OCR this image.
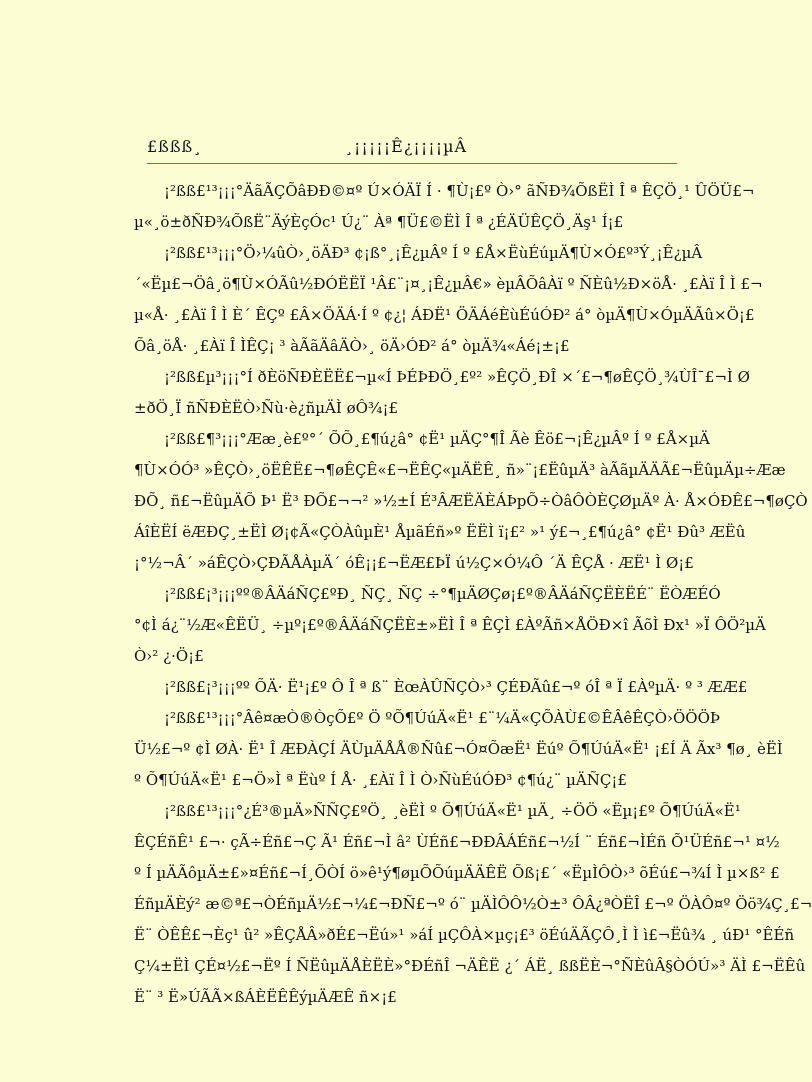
£ßßß¸	¸¡¡¡¡¡Ê¿¡¡¡¡µÂ
¡²ßß£¹³¡¡¡°ÄãÃÇÕâÐÐ©¤º Ú×ÓÄÏ Í · ¶Ù¡£º Ò›° ãÑÐ¾ÕßËÌ Î ª ÊÇÖ¸¹ ÛÖÜ£¬
µ«¸ö±ðÑÐ¾ÕßË¨ÄýÈçÓc¹ Ú¿¨ Àª ¶Ü£©ËÌ Î ª ¿ÉÄÜÊÇÖ¸Äş¹ Í¡£
¡²ßß£¹³¡¡¡°Ö›¼ûÒ›¸öÄÐ³ ¢¡ß°¸¡Ê¿µÂº Í º £Å×ËùÉúµÄ¶Ù×Ó£º³Ý¸¡Ê¿µÂ
´«Ëµ£¬Öâ¸ö¶Ù×ÓÃû½ÐÓËËÏ ¹Â£¨¡¤¸¡Ê¿µÂ€» èµÂÕâÀï º ÑÈû½Ð×öÅ· ¸£Àï Î Ì £¬
µ«Å· ¸£Àï Î Ì È´ ÊÇº £Â×ÖÄÁ·Í º ¢¿¦ ÁÐË¹ ÖÄÁéÈùÉúÓÐ² á° òµÄ¶Ù×ÓµÄÃû×Ö¡£
Õâ¸öÅ· ¸£Àï Î ÌÊÇ¡ ³ àÃãÄâÄÒ›¸ öÄ›ÓÐ² á° òµÄ¾«Áé¡±¡£
¡²ßß£µ³¡¡¡°Í ðÈöÑÐÈËË£¬µ«Í ÞÉÞÐÖ¸£º² »ÊÇÖ¸ÐÎ ×´£¬¶øÊÇÖ¸¾ÙÎ¯£¬Ì Ø
±ðÖ¸Ï ñÑÐÈËÒ›Ñù·è¿ñµÄÌ øÔ¾¡£
¡²ßß£¶³¡¡¡°Ææ¸è£º°´ ÕÕ¸£¶ú¿â° ¢Ë¹ µÄÇ°¶Î Ãè Êö£¬¡Ê¿µÂº Í º £Å×µÄ
¶Ù×ÓÓ³ »ÊÇÒ›¸öËÊË£¬¶øÊÇÊ«£¬ËÊÇ«µÄËÊ¸ ñ»¨¡£ËûµÄ³ àÃãµÄÄÃ£¬ËûµÄµ÷Ææ
ÐÕ¸ ñ£¬ËûµÄÕ Þ¹ Ë³ ÐÕ£¬¬² »½±Í É³ÂÆËÄÈÁÞpÕ÷ÒâÔÒÈÇØµÄº À· Å×ÓÐÊ£¬¶øÇÒ
ÁîÈËÍ ëÆÐÇ¸±ËÌ Ø¡¢Ã«ÇÒÀûµÈ¹ ÅµãÉñ»º ËËÌ ï¡£² »¹ ý£¬¸£¶ú¿â° ¢Ë¹ Ðû³ ÆËû
¡°½¬Â´ »áÊÇÒ›ÇÐÃÅÀµÄ´ óÊ¡¡£¬ËÆ£ÞÏ ú½Ç×Ó¼Ô ´Ä ÊÇÅ · ÆË¹ Ì Ø¡£
¡²ßß£¡³¡¡¡ºº®ÂÄáÑÇ£ºÐ¸ ÑÇ¸ ÑÇ ÷°¶µÄØÇø¡£º®ÂÄáÑÇËÈËÉ¨ ËÒÆÉÓ
°¢Ì á¿¨½Æ«ÊËÜ¸ ÷µº¡£º®ÂÄáÑÇËÈ±»ËÌ Î ª ÊÇÌ £ÀºÃñ×ÅÖÐ×î ÃõÌ Ðx¹ »Ï ÔÖ²µÄ
Ò›² ¿·Ö¡£
¡²ßß£¡³¡¡¡ºº ÕÄ· Ë¹¡£º Ô Î ª ß¨ ÈœÀÛÑÇÒ›³ ÇÉÐÃû£¬º óÎ ª Ï £ÀºµÄ· º ³ ÆÆ£
¡²ßß£¹³¡¡¡°Âê¤æÒ®ÒçÕ£º Ö ºÕ¶ÚúÄ«Ë¹ £¨¼Ä«ÇÕÀÙ£©ÊÂêÊÇÒ›ÖÖÖÞ
Ü½£¬º ¢Ì ØÀ· Ë¹ Î ÆÐÀÇÍ ÄÙµÄÅÅ®Ñû£¬Ó¤ÕæË¹ Ëúº Õ¶ÚúÄ«Ë¹ ¡£Í Ä Ãx³ ¶ø¸ èËÌ
º Õ¶ÚúÄ«Ë¹ £¬Ö»Ì ª Ëùº Í Å· ¸£Àï Î Ì Ò›ÑùÉúÓÐ³ ¢¶ú¿¨ µÄÑÇ¡£
¡²ßß£¹³¡¡¡°¿É³®µÄ»ÑÑÇ£ºÖ¸ ¸èËÌ º Õ¶ÚúÄ«Ë¹ µÄ¸ ÷ÖÖ «Ëµ¡£º Õ¶ÚúÄ«Ë¹
ÊÇÉñÊ¹ £¬· çÃ÷Éñ£¬Ç Ã¹ Éñ£¬Ì â² ÙÉñ£¬ÐÐÂÁÉñ£¬½Í ¨ Éñ£¬ÌÉñ Õ¹ÜÉñ£¬¹ ¤½
º Í µÄÃôµÄ±£»¤Éñ£¬Í¸ÕÒÍ ö»ê¹ý¶øµÕÕúµÄÄÊË Õß¡£´ «ËµÌÔÒ›³ õÉú£¬¾Í Ì µ×ß² £
ÉñµÄÈý² æ©ª£¬ÒÉñµÄ½£¬¼£¬ÐÑ£¬º ó¨ µÄÌÔÔ½Ò±³ ÔÂ¿ªÒËÎ £¬º ÖÀÔ¤º Öö¾Ç¸£¬
Ë¨ ÒÊÊ£¬Èç¹ û² »ÊÇÅÂ»ðÉ£¬Ëú»¹ »áÍ µÇÔÀ×µç¡£³ öÉúÄÃÇÔ¸Ì Ì ì£¬Ëû¾ ¸ úÐ¹ °ÊÉñ
Ç¼±ËÌ ÇÉ¤½£¬Ëº Í ÑËûµÄÅÈËÈ»°ÐÉñÎ ¬ÄÊË ¿´ ÁË¸ ßßËÈ¬°ÑÈûÂ§ÒÓÚ»³ ÄÌ £¬ËÊû
Ë¨ ³ Ë»ÚÃÃ×ßÁÈËÊÊýµÄÆÊ ñ×¡£
